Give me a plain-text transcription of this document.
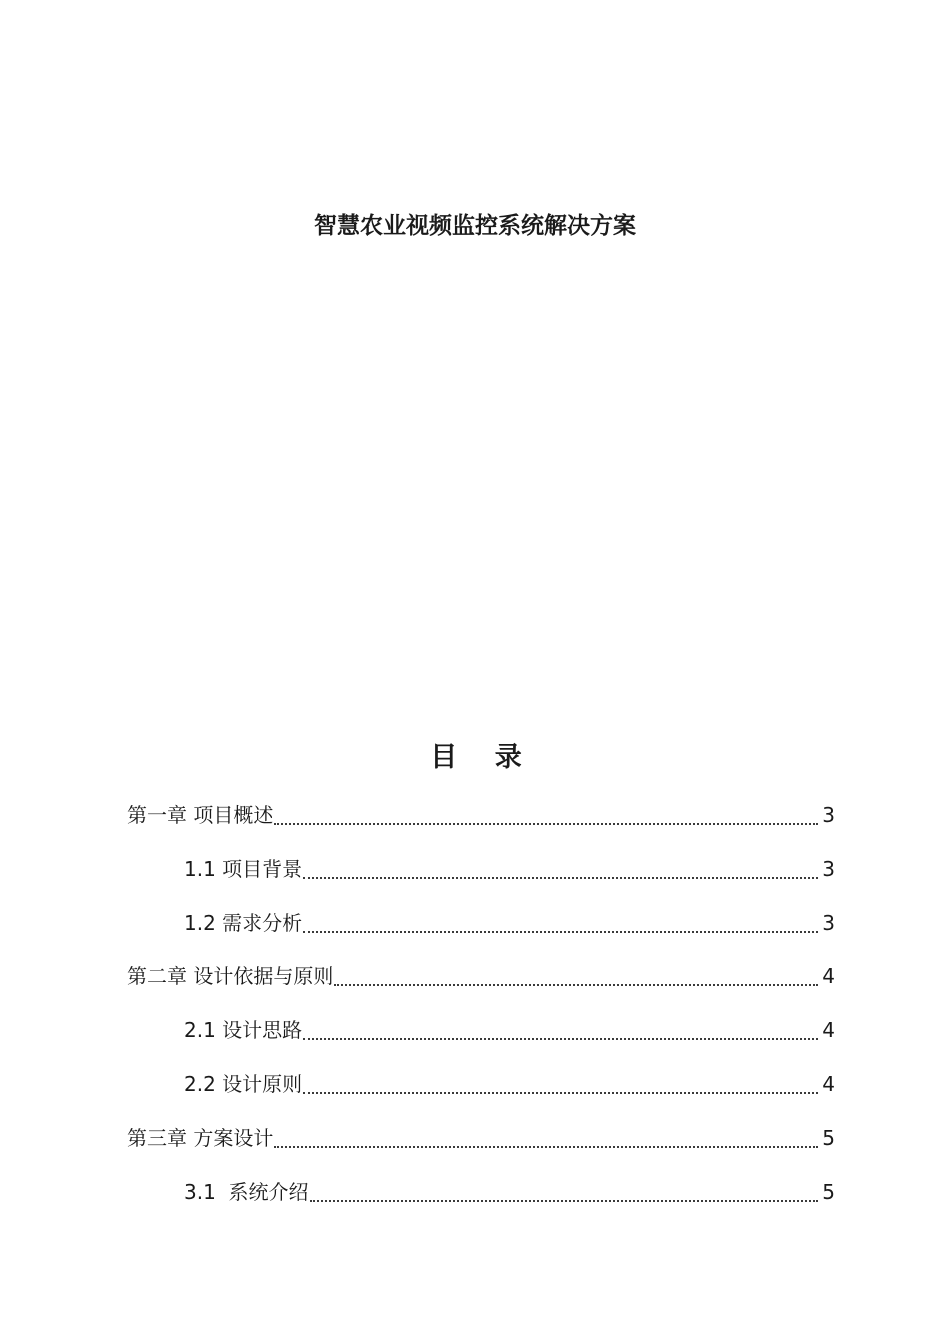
智慧农业视频监控系统解决方案
目 录
第一章 项目概述	3
1.1 项目背景	3
1.2 需求分析	3
第二章 设计依据与原则	4
2.1 设计思路	4
2.2 设计原则	4
第三章 方案设计	5
3.1  系统介绍	5
